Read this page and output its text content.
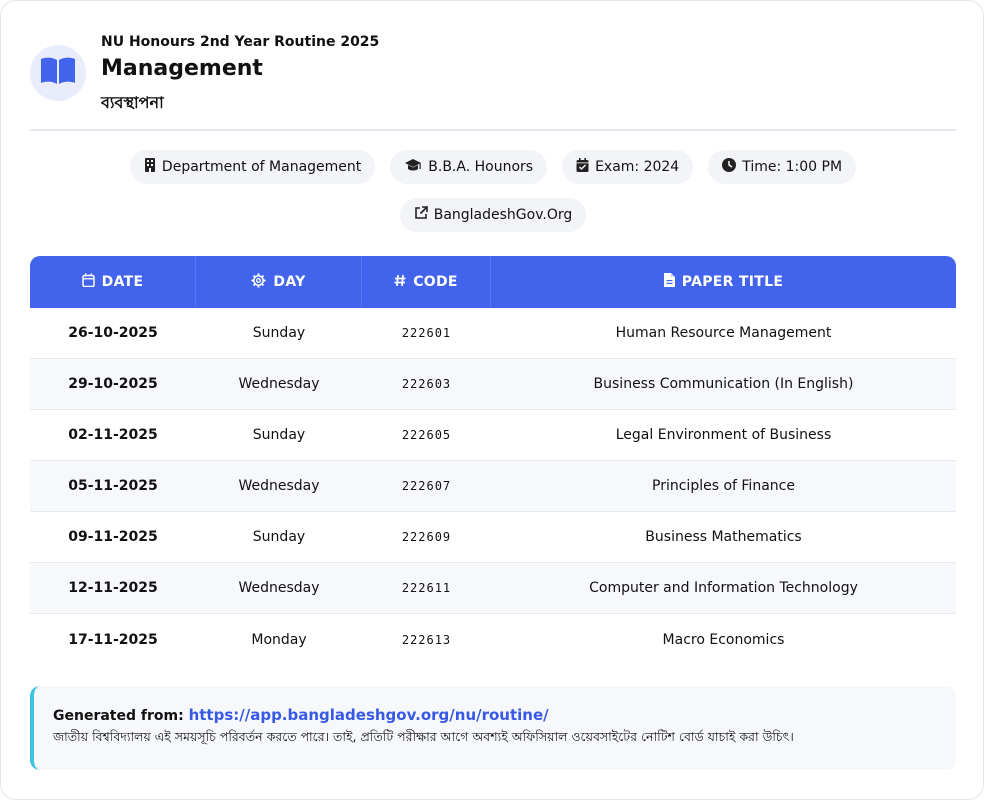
NU Honours 2nd Year Routine 2025
Management
ব্যবস্থাপনা
Department of Management	B.B.A. Hounors	Exam: 2024	Time: 1:00 PM
BangladeshGov.Org
DATE	DAY	CODE	PAPER TITLE
26-10-2025	Sunday	222601	Human Resource Management
29-10-2025	Wednesday	222603	Business Communication (In English)
02-11-2025	Sunday	222605	Legal Environment of Business
05-11-2025	Wednesday	222607	Principles of Finance
09-11-2025	Sunday	222609	Business Mathematics
12-11-2025	Wednesday	222611	Computer and Information Technology
17-11-2025	Monday	222613	Macro Economics
Generated from: https://app.bangladeshgov.org/nu/routine/
জাতীয় বিশ্ববিদ্যালয় এই সময়সূচি পরিবর্তন করতে পারে। তাই, প্রতিটি পরীক্ষার আগে অবশ্যই অফিসিয়াল ওয়েবসাইটের নোটিশ বোর্ড যাচাই করা উচিৎ।
